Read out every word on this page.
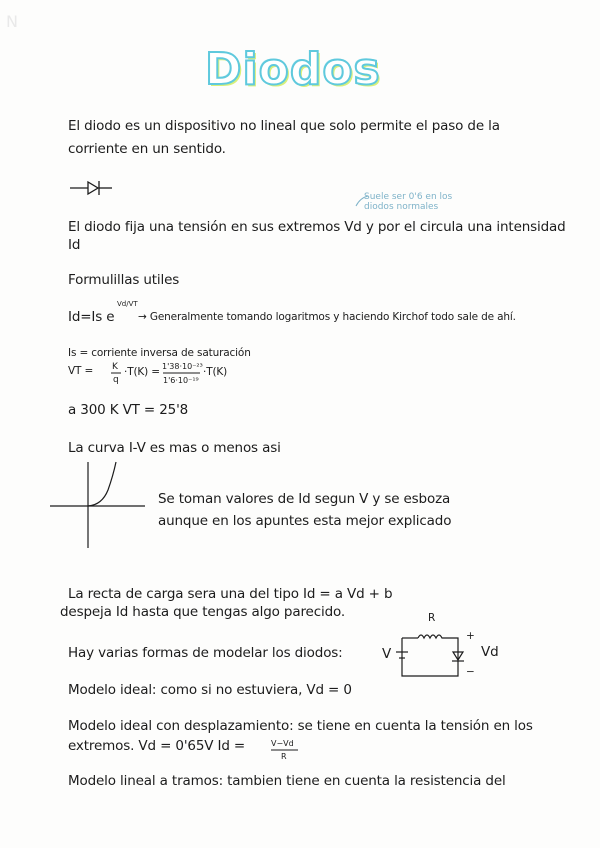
N
Diodos
El diodo es un dispositivo no lineal que solo permite el paso de la
corriente en un sentido.
Suele ser 0'6 en los diodos normales
El diodo fija una tensión en sus extremos Vd y por el circula una intensidad
Id
Formulillas utiles
Id=Is e
Vd/VT
→ Generalmente tomando logaritmos y haciendo Kirchof todo sale de ahí.
Is = corriente inversa de saturación
VT = K
q
·T(K) = 1'38·10⁻²³
1'6·10⁻¹⁹
·T(K)
a 300 K VT = 25'8
La curva I-V es mas o menos asi
Se toman valores de Id segun V y se esboza
aunque en los apuntes esta mejor explicado
La recta de carga sera una del tipo Id = a Vd + b
despeja Id hasta que tengas algo parecido.	R
Hay varias formas de modelar los diodos:	V
+
Vd
−
Modelo ideal: como si no estuviera, Vd = 0
Modelo ideal con desplazamiento: se tiene en cuenta la tensión en los
extremos. Vd = 0'65V Id =	V−Vd
R
Modelo lineal a tramos: tambien tiene en cuenta la resistencia del
